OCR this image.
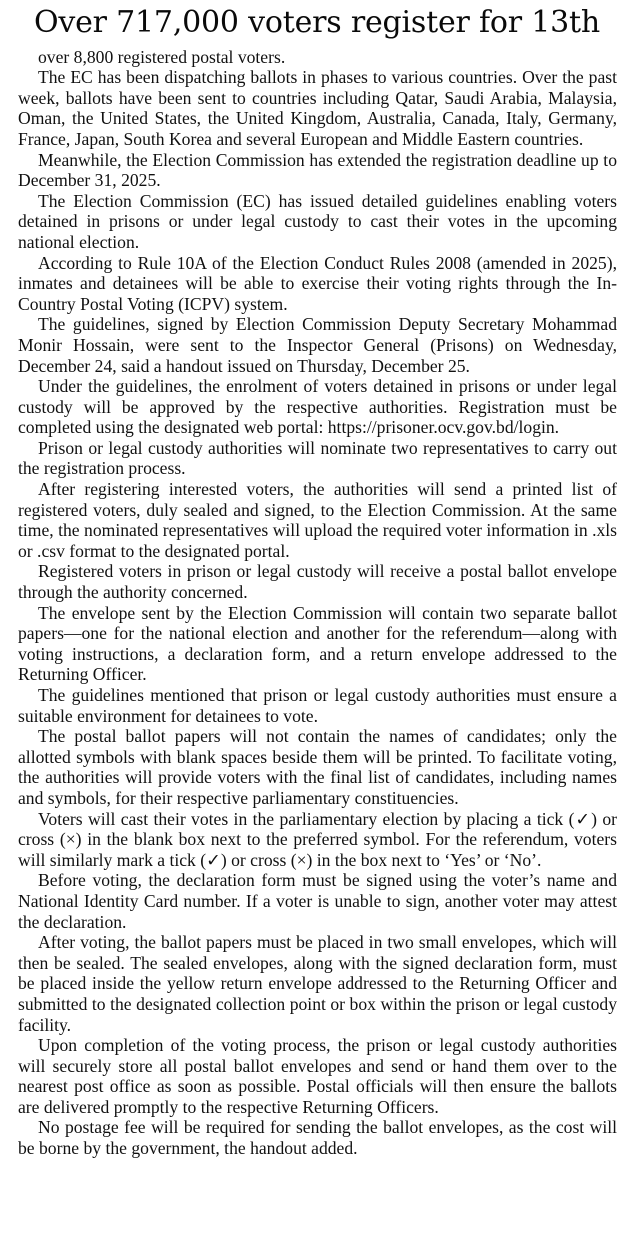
Over 717,000 voters register for 13th

over 8,800 registered postal voters.

The EC has been dispatching ballots in phases to various countries. Over the past week, ballots have been sent to countries including Qatar, Saudi Arabia, Malaysia, Oman, the United States, the United Kingdom, Australia, Canada, Italy, Germany, France, Japan, South Korea and several European and Middle Eastern countries.

Meanwhile, the Election Commission has extended the registration deadline up to December 31, 2025.

The Election Commission (EC) has issued detailed guidelines enabling voters detained in prisons or under legal custody to cast their votes in the upcoming national election.

According to Rule 10A of the Election Conduct Rules 2008 (amended in 2025), inmates and detainees will be able to exercise their voting rights through the In-Country Postal Voting (ICPV) system.

The guidelines, signed by Election Commission Deputy Secretary Mohammad Monir Hossain, were sent to the Inspector General (Prisons) on Wednesday, December 24, said a handout issued on Thursday, December 25.

Under the guidelines, the enrolment of voters detained in prisons or under legal custody will be approved by the respective authorities. Registration must be completed using the designated web portal: https://prisoner.ocv.gov.bd/login.

Prison or legal custody authorities will nominate two representatives to carry out the registration process.

After registering interested voters, the authorities will send a printed list of registered voters, duly sealed and signed, to the Election Commission. At the same time, the nominated representatives will upload the required voter information in .xls or .csv format to the designated portal.

Registered voters in prison or legal custody will receive a postal ballot envelope through the authority concerned.

The envelope sent by the Election Commission will contain two separate ballot papers—one for the national election and another for the referendum—along with voting instructions, a declaration form, and a return envelope addressed to the Returning Officer.

The guidelines mentioned that prison or legal custody authorities must ensure a suitable environment for detainees to vote.

The postal ballot papers will not contain the names of candidates; only the allotted symbols with blank spaces beside them will be printed. To facilitate voting, the authorities will provide voters with the final list of candidates, including names and symbols, for their respective parliamentary constituencies.

Voters will cast their votes in the parliamentary election by placing a tick (✓) or cross (×) in the blank box next to the preferred symbol. For the referendum, voters will similarly mark a tick (✓) or cross (×) in the box next to ‘Yes’ or ‘No’.

Before voting, the declaration form must be signed using the voter’s name and National Identity Card number. If a voter is unable to sign, another voter may attest the declaration.

After voting, the ballot papers must be placed in two small envelopes, which will then be sealed. The sealed envelopes, along with the signed declaration form, must be placed inside the yellow return envelope addressed to the Returning Officer and submitted to the designated collection point or box within the prison or legal custody facility.

Upon completion of the voting process, the prison or legal custody authorities will securely store all postal ballot envelopes and send or hand them over to the nearest post office as soon as possible. Postal officials will then ensure the ballots are delivered promptly to the respective Returning Officers.

No postage fee will be required for sending the ballot envelopes, as the cost will be borne by the government, the handout added.
